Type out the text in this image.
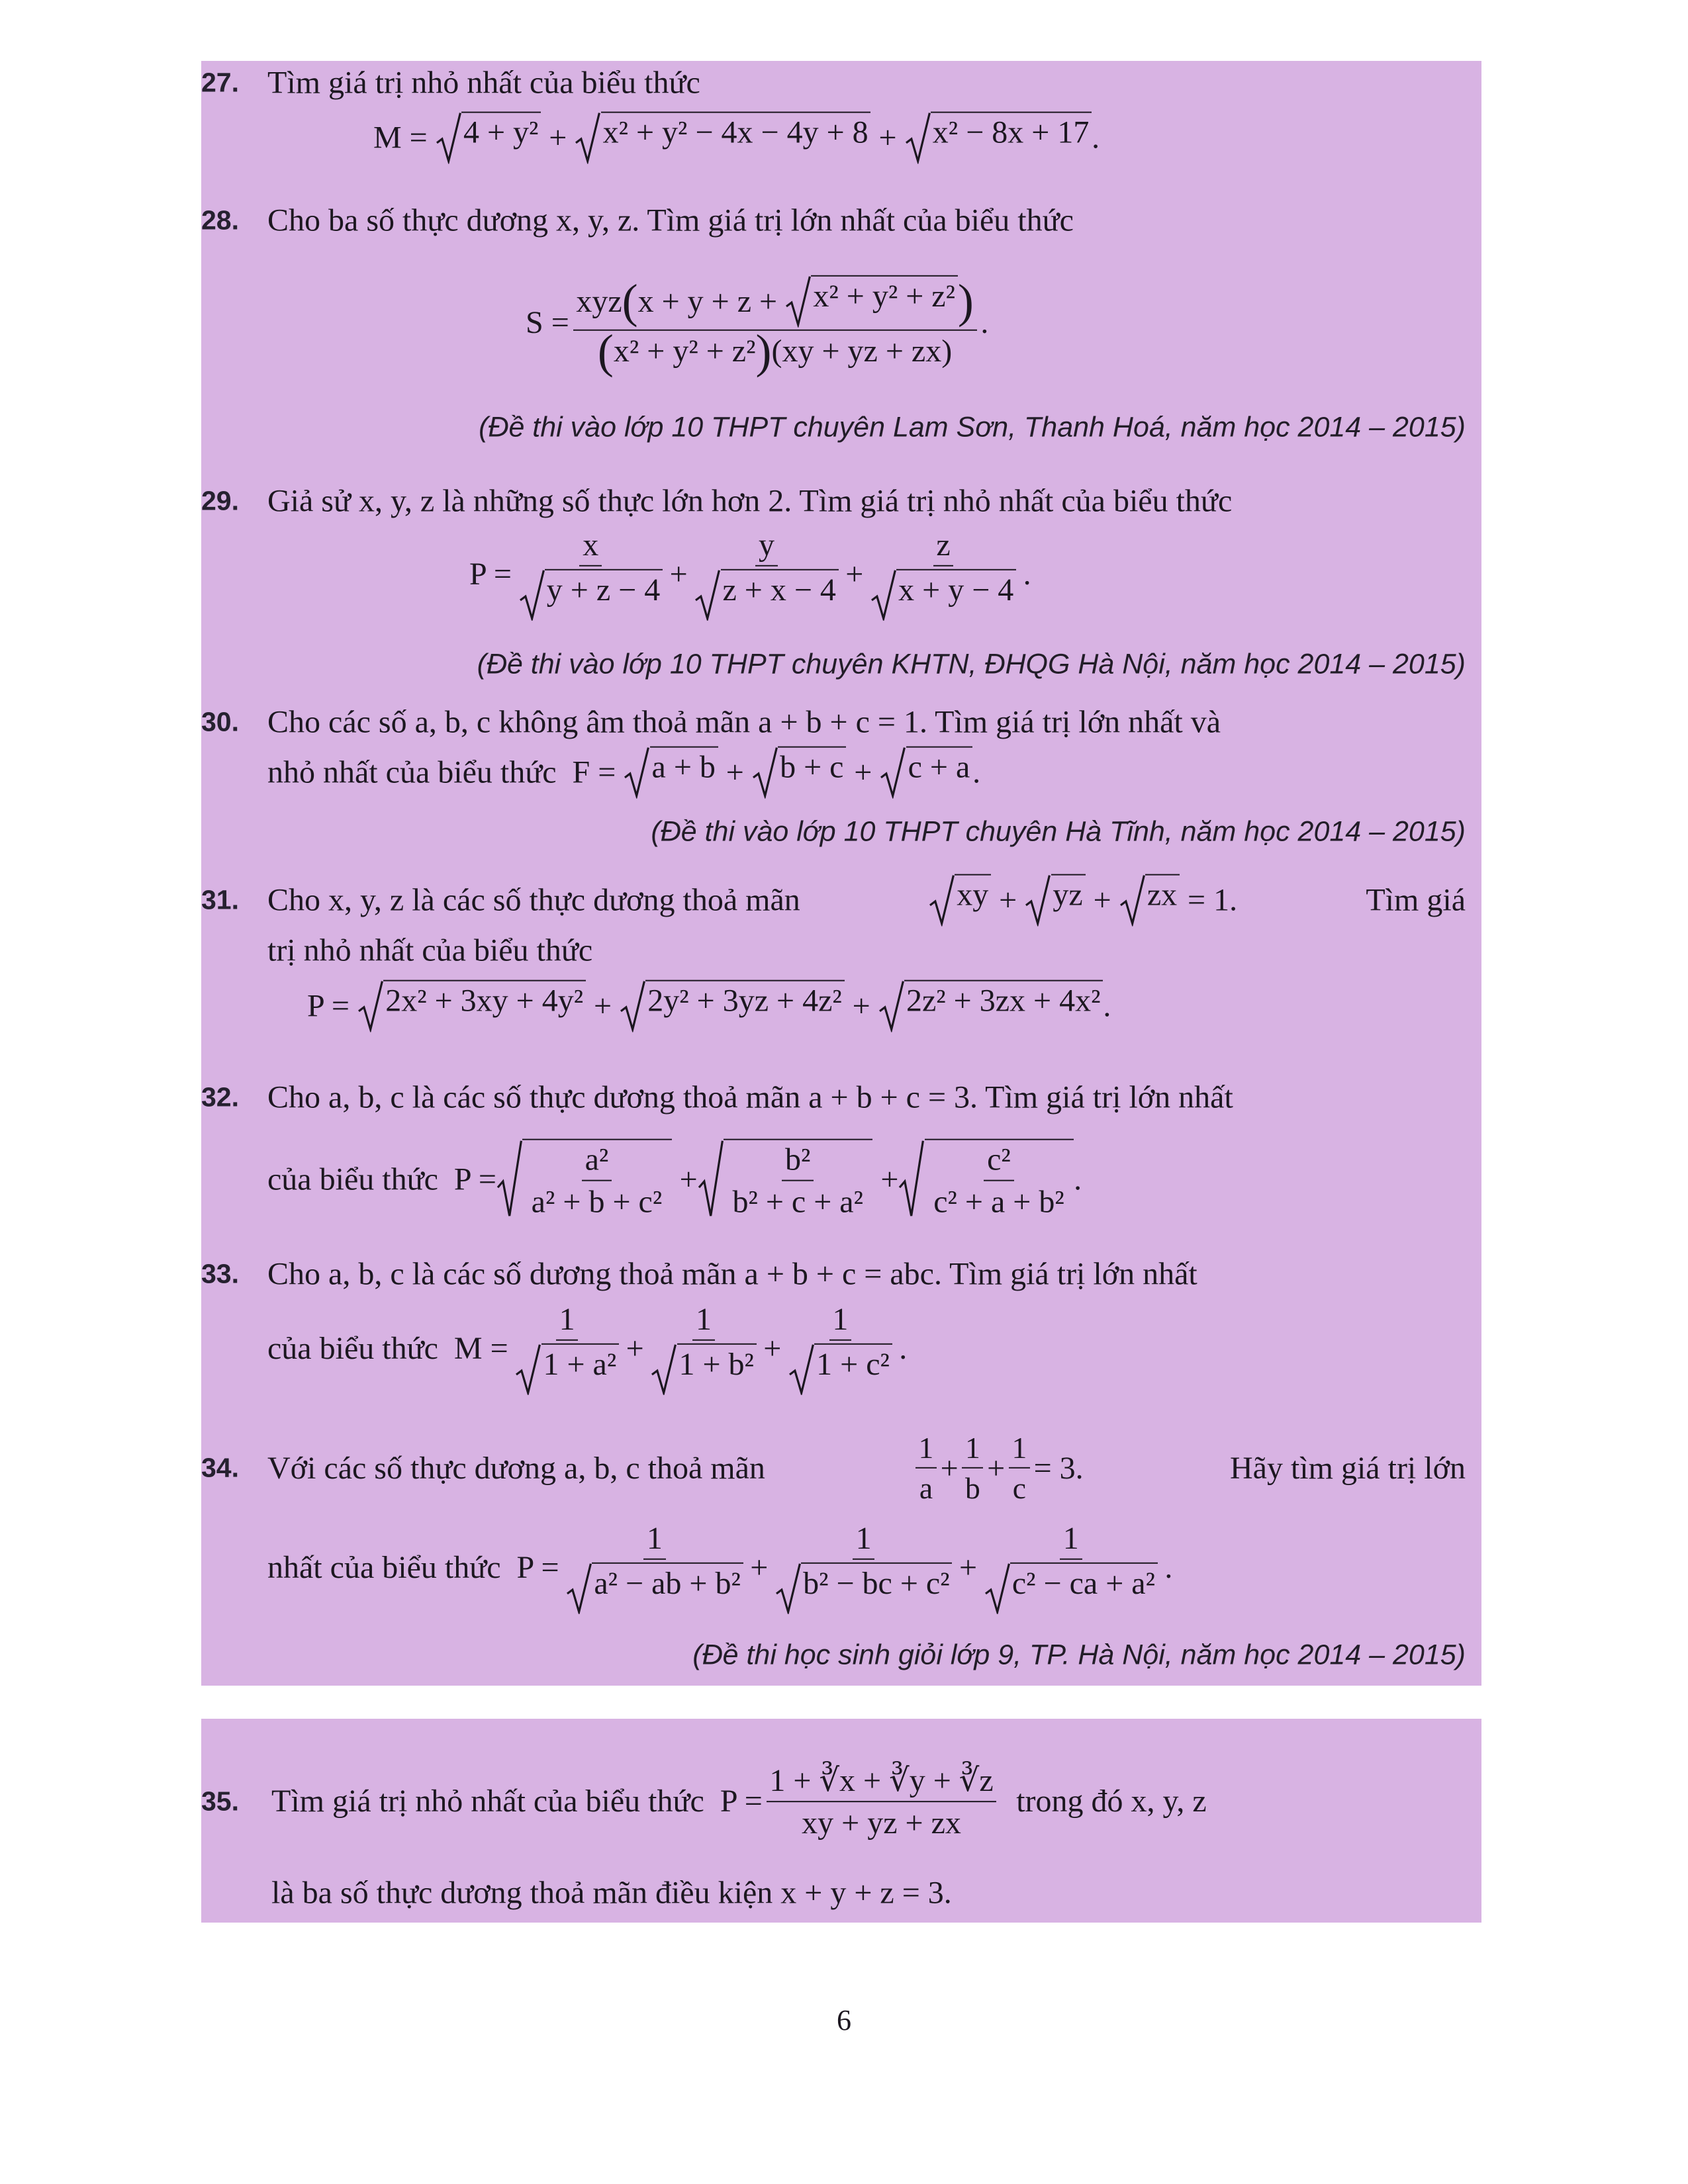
27. Tìm giá trị nhỏ nhất của biểu thức
M =
4 + y²
+
x² + y² − 4x − 4y + 8
+
x² − 8x + 17 .
28. Cho ba số thực dương x, y, z. Tìm giá trị lớn nhất của biểu thức
S = xyz ( x + y + z +
x² + y² + z² )
( x² + y² + z² ) (xy + yz + zx) .
(Đề thi vào lớp 10 THPT chuyên Lam Sơn, Thanh Hoá, năm học 2014 – 2015)
29. Giả sử x, y, z là những số thực lớn hơn 2. Tìm giá trị nhỏ nhất của biểu thức
$P = \frac{x}{y + z - 4} + \frac{y}{z + x - 4} + \frac{z}{x + y - 4}$ .
(Đề thi vào lớp 10 THPT chuyên KHTN, ĐHQG Hà Nội, năm học 2014 – 2015)
30. Cho các số a, b, c không âm thoả mãn a + b + c = 1. Tìm giá trị lớn nhất và
nhỏ nhất của biểu thức
F =
a + b
+
b + c
+
c + a .
(Đề thi vào lớp 10 THPT chuyên Hà Tĩnh, năm học 2014 – 2015)
31. Cho x, y, z là các số thực dương thoả mãn	xy
+
yz
+
zx
= 1.	Tìm giá
trị nhỏ nhất của biểu thức
P =
2x² + 3xy + 4y²
+
2y² + 3yz + 4z²
+
2z² + 3zx + 4x² .
32. Cho a, b, c là các số thực dương thoả mãn a + b + c = 3. Tìm giá trị lớn nhất
của biểu thức
$P = \frac{\text{a²}}{\text{a² + b + c²}}$
+ $\frac{\text{b²}}{\text{b² + c + a²}}$
+ $\frac{\text{c²}}{\text{c² + a + b²}}$ .
33. Cho a, b, c là các số dương thoả mãn a + b + c = abc. Tìm giá trị lớn nhất
của biểu thức
$M = \frac{1}{\text{1 + a²}} + \frac{1}{\text{1 + b²}} + \frac{1}{\text{1 + c²}}$ .
34. Với các số thực dương a, b, c thoả mãn	$\frac{1}{a} + \frac{1}{b} + \frac{1}{c} = 3$.	Hãy tìm giá trị lớn
nhất của biểu thức
$P = \frac{1}{\text{a² − ab + b²}} + \frac{1}{\text{b² − bc + c²}} + \frac{1}{\text{c² − ca + a²}}$ .
(Đề thi học sinh giỏi lớp 9, TP. Hà Nội, năm học 2014 – 2015)
35. Tìm giá trị nhỏ nhất của biểu thức
$P = \frac{1 + ∛x + ∛y + ∛z}{xy + yz + zx}$
trong đó x, y, z
là ba số thực dương thoả mãn điều kiện x + y + z = 3.
6
